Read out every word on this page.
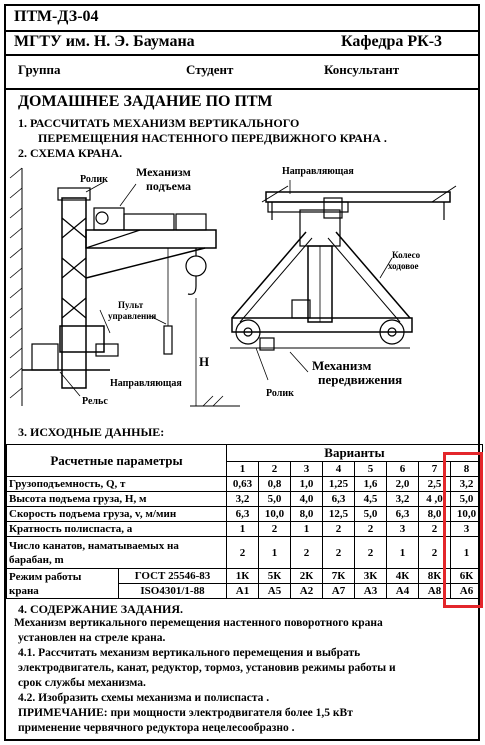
ПТМ-ДЗ-04
МГТУ им. Н. Э. Баумана	Кафедра РК-3
Группа	Студент	Консультант
ДОМАШНЕЕ ЗАДАНИЕ ПО ПТМ
1. РАССЧИТАТЬ МЕХАНИЗМ ВЕРТИКАЛЬНОГО
ПЕРЕМЕЩЕНИЯ НАСТЕННОГО ПЕРЕДВИЖНОГО КРАНА .
2. СХЕМА КРАНА.
Ролик
Механизм
подъема
Пульт
управления
Направляющая
Рельс
Н
Направляющая
Колесо
ходовое
Механизм
передвижения
Ролик
3. ИСХОДНЫЕ ДАННЫЕ:
Расчетные параметры		Варианты							
		1	2	3	4	5	6	7	8
Грузоподъемность, Q, т		0,63	0,8	1,0	1,25	1,6	2,0	2,5	3,2
Высота подъема груза, H, м		3,2	5,0	4,0	6,3	4,5	3,2	4 ,0	5,0
Скорость подъема груза, v, м/мин		6,3	10,0	8,0	12,5	5,0	6,3	8,0	10,0
Кратность полиспаста, а		1	2	1	2	2	3	2	3

Число канатов, наматываемых на
барабан, m		2	1	2	2	2	1	2	1

Режим работы
крана	ГОСТ 25546-83	1К	5К	2К	7К	3К	4К	8К	6К
	ISO4301/1-88	А1	А5	А2	А7	А3	А4	А8	А6
4. СОДЕРЖАНИЕ ЗАДАНИЯ.
Механизм вертикального перемещения настенного поворотного крана
установлен на стреле крана.
4.1. Рассчитать механизм вертикального перемещения и выбрать
электродвигатель, канат, редуктор, тормоз, установив режимы работы и
срок службы механизма.
4.2. Изобразить схемы механизма и полиспаста .
ПРИМЕЧАНИЕ: при мощности электродвигателя более 1,5 кВт
применение червячного редуктора нецелесообразно .
